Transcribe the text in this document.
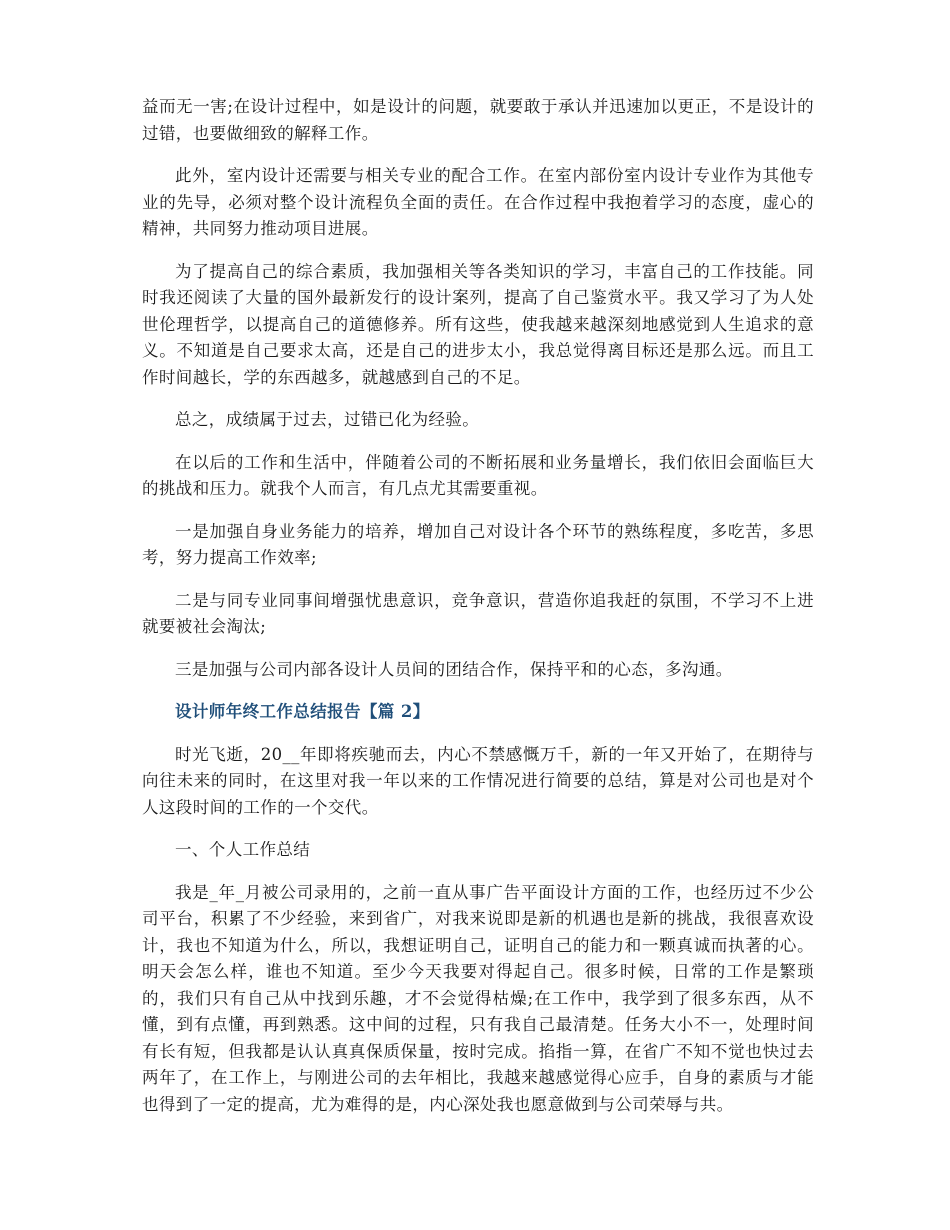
益而无一害;在设计过程中，如是设计的问题，就要敢于承认并迅速加以更正，不是设计的过错，也要做细致的解释工作。

此外，室内设计还需要与相关专业的配合工作。在室内部份室内设计专业作为其他专业的先导，必须对整个设计流程负全面的责任。在合作过程中我抱着学习的态度，虚心的精神，共同努力推动项目进展。

为了提高自己的综合素质，我加强相关等各类知识的学习，丰富自己的工作技能。同时我还阅读了大量的国外最新发行的设计案列，提高了自己鉴赏水平。我又学习了为人处世伦理哲学，以提高自己的道德修养。所有这些，使我越来越深刻地感觉到人生追求的意义。不知道是自己要求太高，还是自己的进步太小，我总觉得离目标还是那么远。而且工作时间越长，学的东西越多，就越感到自己的不足。

总之，成绩属于过去，过错已化为经验。

在以后的工作和生活中，伴随着公司的不断拓展和业务量增长，我们依旧会面临巨大的挑战和压力。就我个人而言，有几点尤其需要重视。

一是加强自身业务能力的培养，增加自己对设计各个环节的熟练程度，多吃苦，多思考，努力提高工作效率;

二是与同专业同事间增强忧患意识，竞争意识，营造你追我赶的氛围，不学习不上进就要被社会淘汰;

三是加强与公司内部各设计人员间的团结合作，保持平和的心态，多沟通。

设计师年终工作总结报告【篇 2】

时光飞逝，20__年即将疾驰而去，内心不禁感慨万千，新的一年又开始了，在期待与向往未来的同时，在这里对我一年以来的工作情况进行简要的总结，算是对公司也是对个人这段时间的工作的一个交代。

一、个人工作总结

我是_年_月被公司录用的，之前一直从事广告平面设计方面的工作，也经历过不少公司平台，积累了不少经验，来到省广，对我来说即是新的机遇也是新的挑战，我很喜欢设计，我也不知道为什么，所以，我想证明自己，证明自己的能力和一颗真诚而执著的心。明天会怎么样，谁也不知道。至少今天我要对得起自己。很多时候，日常的工作是繁琐的，我们只有自己从中找到乐趣，才不会觉得枯燥;在工作中，我学到了很多东西，从不懂，到有点懂，再到熟悉。这中间的过程，只有我自己最清楚。任务大小不一，处理时间有长有短，但我都是认认真真保质保量，按时完成。掐指一算，在省广不知不觉也快过去两年了，在工作上，与刚进公司的去年相比，我越来越感觉得心应手，自身的素质与才能也得到了一定的提高，尤为难得的是，内心深处我也愿意做到与公司荣辱与共。
